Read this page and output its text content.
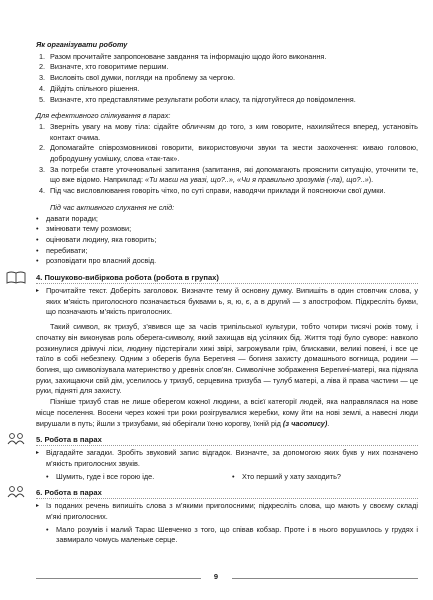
Як організувати роботу
1. Разом прочитайте запропоноване завдання та інформацію щодо його виконання.
2. Визначте, хто говоритиме першим.
3. Висловіть свої думки, погляди на проблему за чергою.
4. Дійдіть спільного рішення.
5. Визначте, хто представлятиме результати роботи класу, та підготуйтеся до повідомлення.
Для ефективного спілкування в парах:
1. Зверніть увагу на мову тіла: сідайте обличчям до того, з ким говорите, нахиляйтеся вперед, установіть контакт очима.
2. Допомагайте співрозмовникові говорити, використовуючи звуки та жести заохочення: киваю головою, добродушну усмішку, слова «так-так».
3. За потреби ставте уточнювальні запитання (запитання, які допомагають прояснити ситуацію, уточнити те, що вже відомо. Наприклад: «Ти маєш на увазі, що?..», «Чи я правильно зрозумів (-ла), що?..»).
4. Під час висловлювання говоріть чітко, по суті справи, наводячи приклади й пояснюючи свої думки.
Під час активного слухання не слід:
• давати поради;
• змінювати тему розмови;
• оцінювати людину, яка говорить;
• перебивати;
• розповідати про власний досвід.
4. Пошуково-вибіркова робота (робота в групах)
▸ Прочитайте текст. Доберіть заголовок. Визначте тему й основну думку. Випишіть в один стовпчик слова, у яких м’якість приголосного позначається буквами ь, я, ю, є, а в другий — з апострофом. Підкресліть букви, що позначають м’якість приголосних.
Такий символ, як тризуб, з’явився ще за часів трипільської культури, тобто чотири тисячі років тому, і спочатку він виконував роль оберега-символу, який захищав від усіляких бід. Життя тоді було суворе: навколо розкинулися дрімучі ліси, людину підстерігали хижі звірі, загрожували грім, блискавки, великі повені, і все це таїло в собі небезпеку. Одним з оберегів була Берегиня — богиня захисту домашнього вогнища, родини — богиня, що символізувала материнство у древніх слов’ян. Символічне зображення Берегині-матері, яка підняла руки, захищаючи свій дім, уселилось у тризуб, серцевина тризуба — тулуб матері, а ліва й права частини — це руки, підняті для захисту.
Пізніше тризуб став не лише оберегом кожної людини, а всієї категорії людей, яка направлялася на нове місце поселення. Восени через кожні три роки розігрувалися жеребки, кому йти на нові землі, а навесні люди вирушали в путь; йшли з тризубами, які оберігали їхню корогву, їхній рід (з часопису).
5. Робота в парах
▸ Відгадайте загадки. Зробіть звуковий запис відгадок. Визначте, за допомогою яких букв у них позначено м’якість приголосних звуків.
• Шумить, гуде і все горою іде.
•	Хто перший у хату заходить?
6. Робота в парах
▸ Із поданих речень випишіть слова з м’якими приголосними; підкресліть слова, що мають у своєму складі м’які приголосних.
• Мало розумів і малий Тарас Шевченко з того, що співав кобзар. Проте і в нього ворушилось у грудях і завмирало чомусь маленьке серце.
9
